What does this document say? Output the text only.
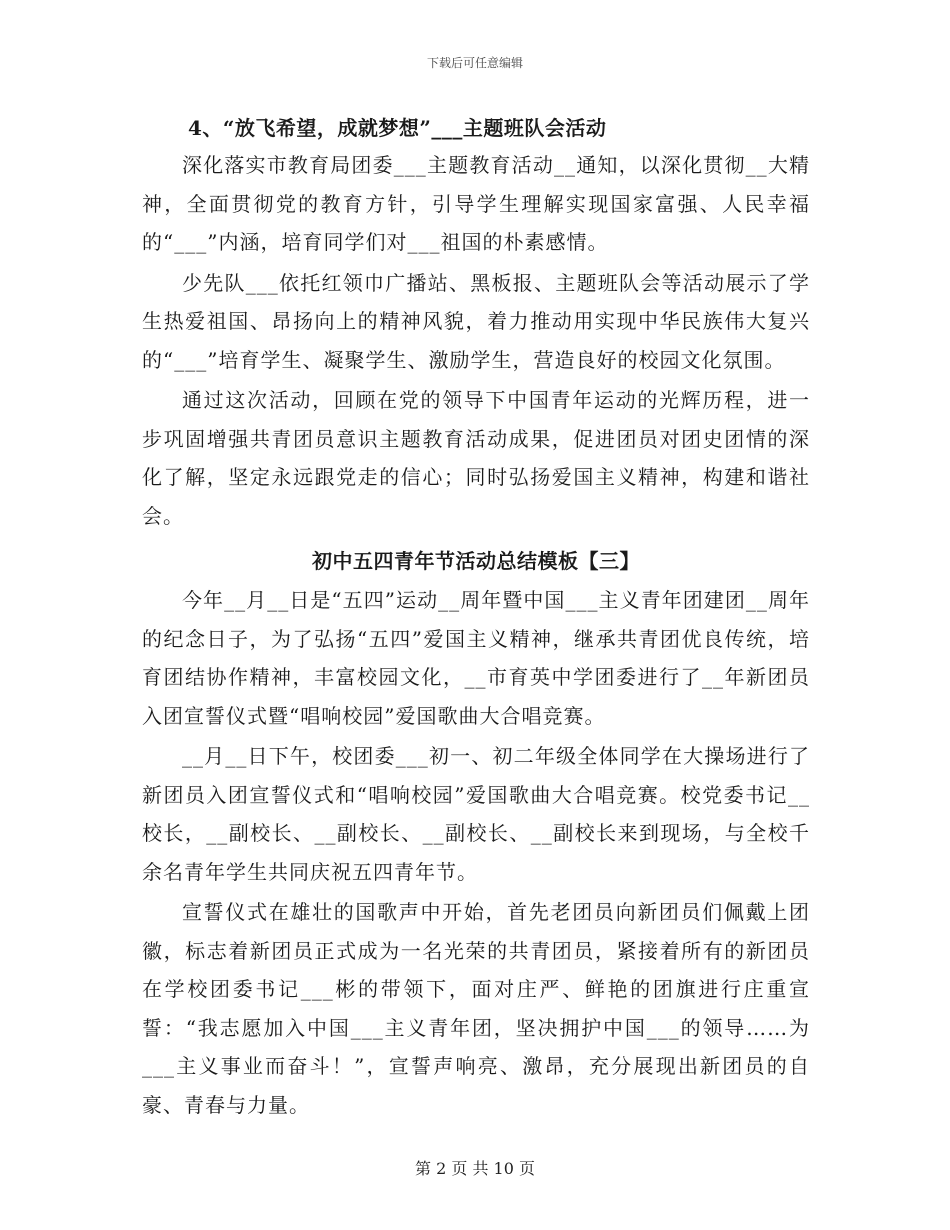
下载后可任意编辑
4、“放飞希望，成就梦想”___主题班队会活动

深化落实市教育局团委___主题教育活动__通知，以深化贯彻__大精神，全面贯彻党的教育方针，引导学生理解实现国家富强、人民幸福的“___”内涵，培育同学们对___祖国的朴素感情。

少先队___依托红领巾广播站、黑板报、主题班队会等活动展示了学生热爱祖国、昂扬向上的精神风貌，着力推动用实现中华民族伟大复兴的“___”培育学生、凝聚学生、激励学生，营造良好的校园文化氛围。

通过这次活动，回顾在党的领导下中国青年运动的光辉历程，进一步巩固增强共青团员意识主题教育活动成果，促进团员对团史团情的深化了解，坚定永远跟党走的信心；同时弘扬爱国主义精神，构建和谐社会。

初中五四青年节活动总结模板【三】

今年__月__日是“五四”运动__周年暨中国___主义青年团建团__周年的纪念日子，为了弘扬“五四”爱国主义精神，继承共青团优良传统，培育团结协作精神，丰富校园文化，__市育英中学团委进行了__年新团员入团宣誓仪式暨“唱响校园”爱国歌曲大合唱竞赛。

__月__日下午，校团委___初一、初二年级全体同学在大操场进行了新团员入团宣誓仪式和“唱响校园”爱国歌曲大合唱竞赛。校党委书记__校长，__副校长、__副校长、__副校长、__副校长来到现场，与全校千余名青年学生共同庆祝五四青年节。

宣誓仪式在雄壮的国歌声中开始，首先老团员向新团员们佩戴上团徽，标志着新团员正式成为一名光荣的共青团员，紧接着所有的新团员在学校团委书记___彬的带领下，面对庄严、鲜艳的团旗进行庄重宣誓：“我志愿加入中国___主义青年团，坚决拥护中国___的领导……为___主义事业而奋斗！”，宣誓声响亮、激昂，充分展现出新团员的自豪、青春与力量。

第 2 页 共 10 页
